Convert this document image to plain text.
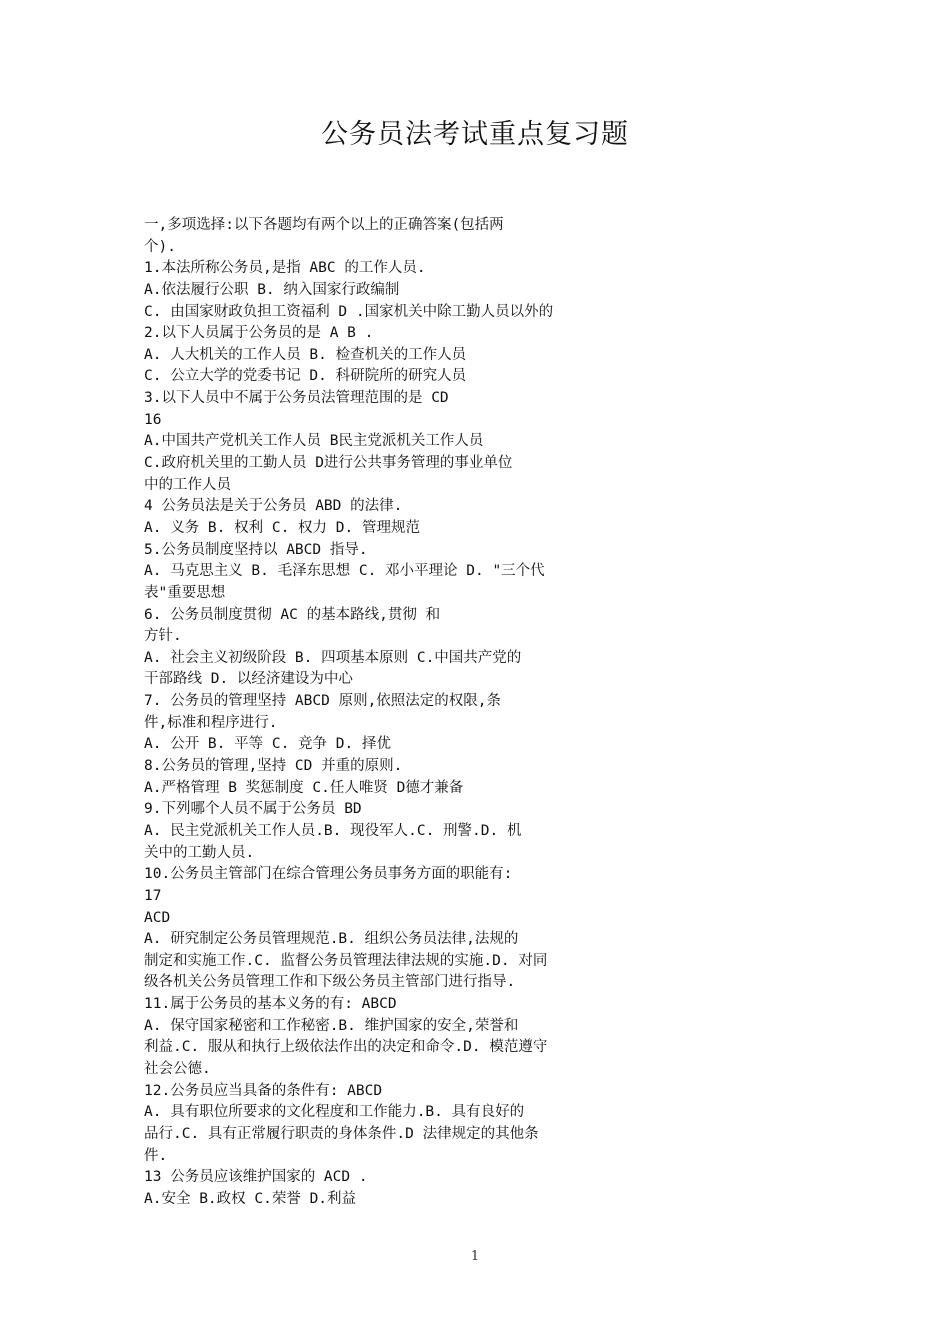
公务员法考试重点复习题
一,多项选择:以下各题均有两个以上的正确答案(包括两
个).
1.本法所称公务员,是指 ABC 的工作人员.
A.依法履行公职 B. 纳入国家行政编制
C. 由国家财政负担工资福利 D .国家机关中除工勤人员以外的
2.以下人员属于公务员的是 A B .
A. 人大机关的工作人员 B. 检查机关的工作人员
C. 公立大学的党委书记 D. 科研院所的研究人员
3.以下人员中不属于公务员法管理范围的是 CD
16
A.中国共产党机关工作人员 B民主党派机关工作人员
C.政府机关里的工勤人员 D进行公共事务管理的事业单位
中的工作人员
4 公务员法是关于公务员 ABD 的法律.
A. 义务 B. 权利 C. 权力 D. 管理规范
5.公务员制度坚持以 ABCD 指导.
A. 马克思主义 B. 毛泽东思想 C. 邓小平理论 D. "三个代
表"重要思想
6. 公务员制度贯彻 AC 的基本路线,贯彻 和
方针.
A. 社会主义初级阶段 B. 四项基本原则 C.中国共产党的
干部路线 D. 以经济建设为中心
7. 公务员的管理坚持 ABCD 原则,依照法定的权限,条
件,标准和程序进行.
A. 公开 B. 平等 C. 竞争 D. 择优
8.公务员的管理,坚持 CD 并重的原则.
A.严格管理 B 奖惩制度 C.任人唯贤 D德才兼备
9.下列哪个人员不属于公务员 BD
A. 民主党派机关工作人员.B. 现役军人.C. 刑警.D. 机
关中的工勤人员.
10.公务员主管部门在综合管理公务员事务方面的职能有:
17
ACD
A. 研究制定公务员管理规范.B. 组织公务员法律,法规的
制定和实施工作.C. 监督公务员管理法律法规的实施.D. 对同
级各机关公务员管理工作和下级公务员主管部门进行指导.
11.属于公务员的基本义务的有: ABCD
A. 保守国家秘密和工作秘密.B. 维护国家的安全,荣誉和
利益.C. 服从和执行上级依法作出的决定和命令.D. 模范遵守
社会公德.
12.公务员应当具备的条件有: ABCD
A. 具有职位所要求的文化程度和工作能力.B. 具有良好的
品行.C. 具有正常履行职责的身体条件.D 法律规定的其他条
件.
13 公务员应该维护国家的 ACD .
A.安全 B.政权 C.荣誉 D.利益
1
